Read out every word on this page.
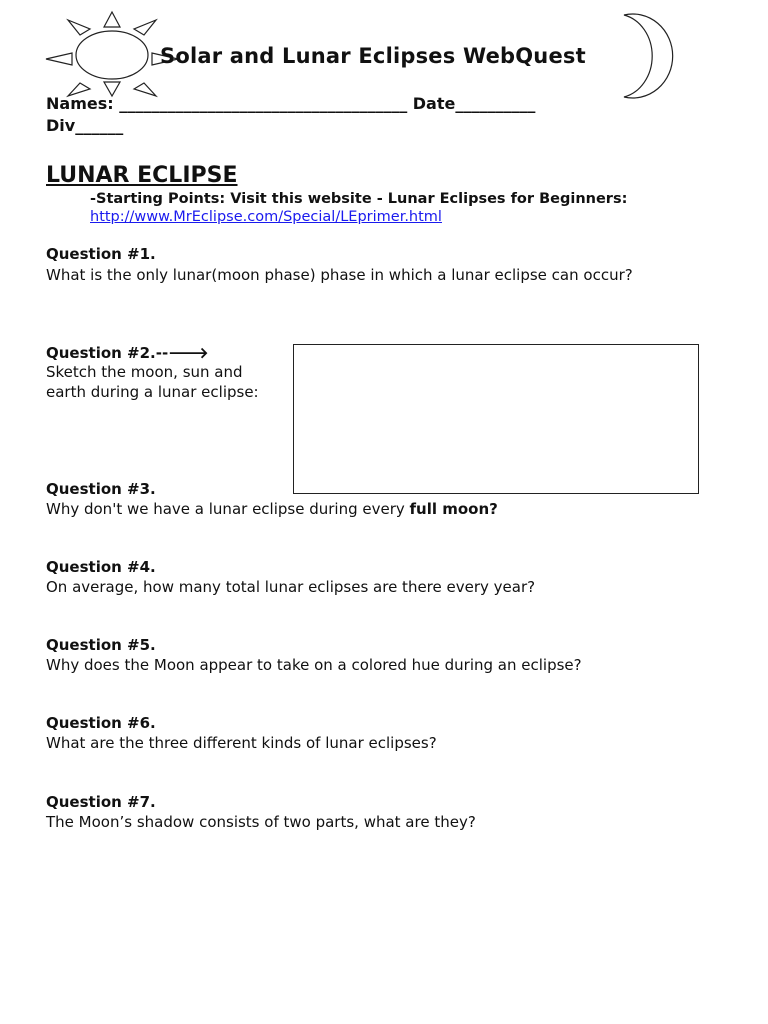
Solar and Lunar Eclipses WebQuest
Names: ____________________________________ Date__________
Div______
LUNAR ECLIPSE
-Starting Points: Visit this website - Lunar Eclipses for Beginners:
http://www.MrEclipse.com/Special/LEprimer.html
Question #1.
What is the only lunar(moon phase) phase in which a lunar eclipse can occur?
Question #2.--🡒
Sketch the moon, sun and
earth during a lunar eclipse:
Question #3.
Why don't we have a lunar eclipse during every full moon?
Question #4.
On average, how many total lunar eclipses are there every year?
Question #5.
Why does the Moon appear to take on a colored hue during an eclipse?
Question #6.
What are the three different kinds of lunar eclipses?
Question #7.
The Moon’s shadow consists of two parts, what are they?
